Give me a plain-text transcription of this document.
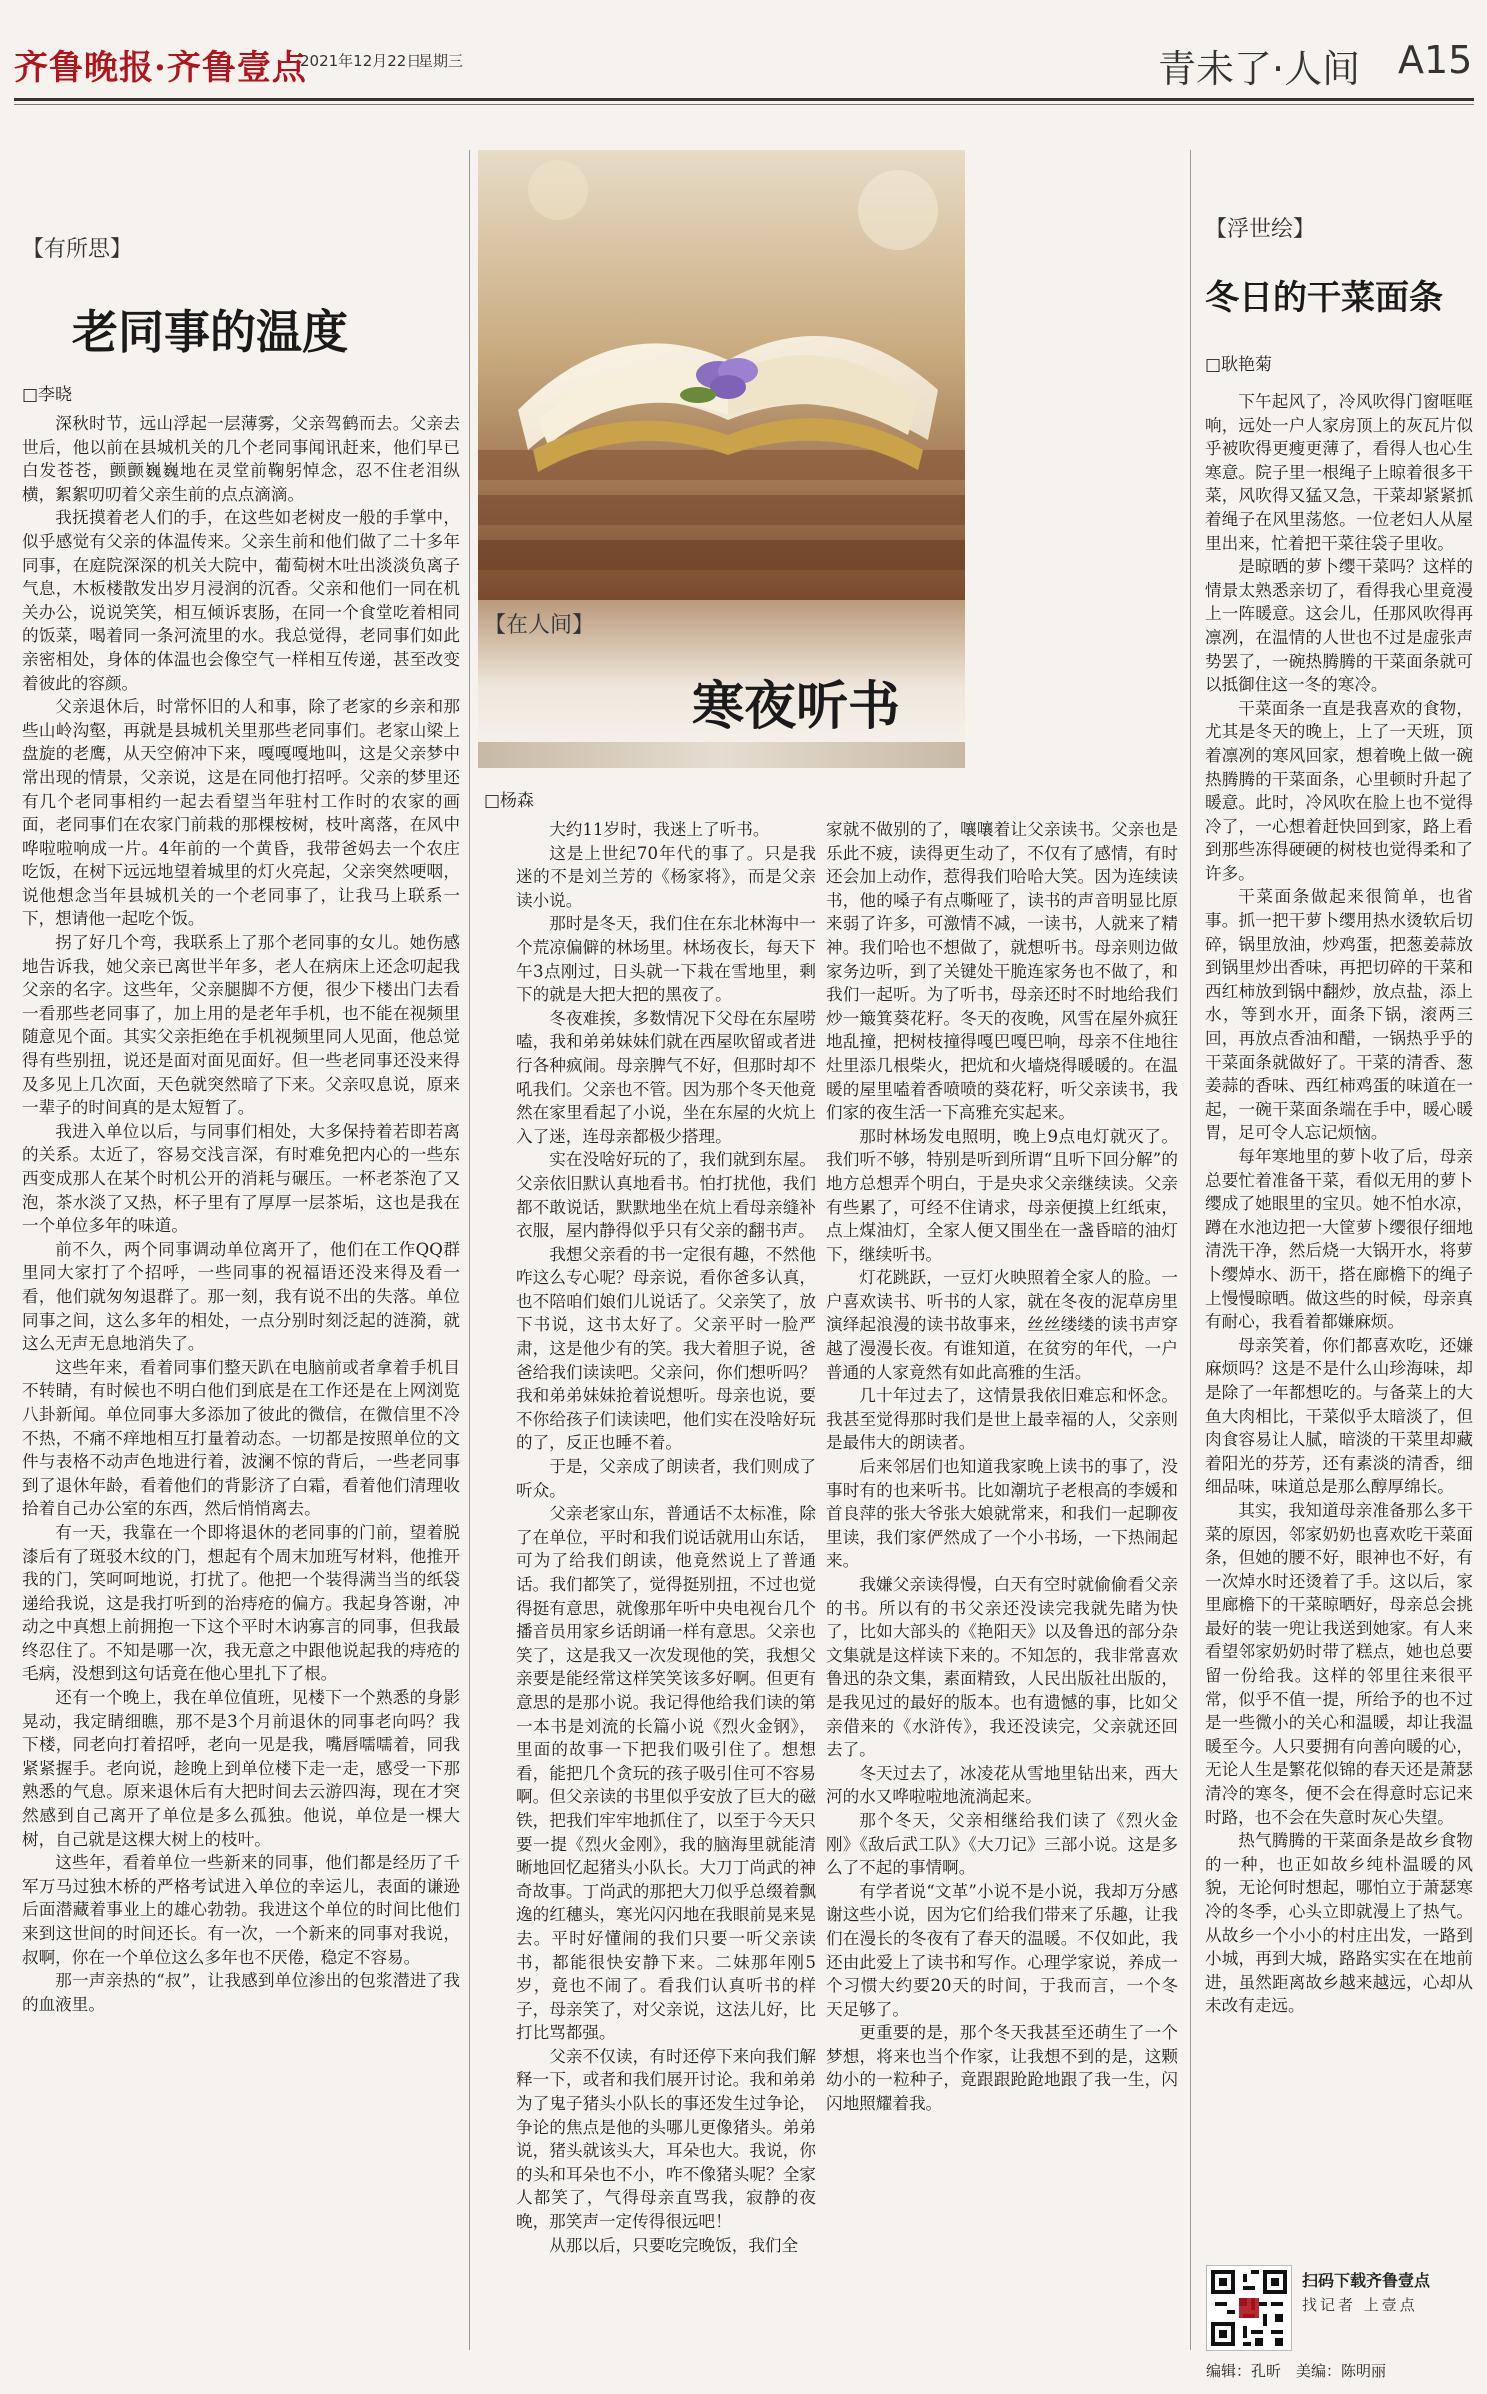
齐鲁晚报·齐鲁壹点
2021年12月22日
星期三	青未了·人间 A15
【有所思】
老同事的温度
□李晓

深秋时节，远山浮起一层薄雾，父亲驾鹤而去。父亲去世后，他以前在县城机关的几个老同事闻讯赶来，他们早已白发苍苍，颤颤巍巍地在灵堂前鞠躬悼念，忍不住老泪纵横，絮絮叨叨着父亲生前的点点滴滴。

我抚摸着老人们的手，在这些如老树皮一般的手掌中，似乎感觉有父亲的体温传来。父亲生前和他们做了二十多年同事，在庭院深深的机关大院中，葡萄树木吐出淡淡负离子气息，木板楼散发出岁月浸润的沉香。父亲和他们一同在机关办公，说说笑笑，相互倾诉衷肠，在同一个食堂吃着相同的饭菜，喝着同一条河流里的水。我总觉得，老同事们如此亲密相处，身体的体温也会像空气一样相互传递，甚至改变着彼此的容颜。

父亲退休后，时常怀旧的人和事，除了老家的乡亲和那些山岭沟壑，再就是县城机关里那些老同事们。老家山梁上盘旋的老鹰，从天空俯冲下来，嘎嘎嘎地叫，这是父亲梦中常出现的情景，父亲说，这是在同他打招呼。父亲的梦里还有几个老同事相约一起去看望当年驻村工作时的农家的画面，老同事们在农家门前栽的那棵桉树，枝叶离落，在风中哗啦啦响成一片。4年前的一个黄昏，我带爸妈去一个农庄吃饭，在树下远远地望着城里的灯火亮起，父亲突然哽咽，说他想念当年县城机关的一个老同事了，让我马上联系一下，想请他一起吃个饭。

拐了好几个弯，我联系上了那个老同事的女儿。她伤感地告诉我，她父亲已离世半年多，老人在病床上还念叨起我父亲的名字。这些年，父亲腿脚不方便，很少下楼出门去看一看那些老同事了，加上用的是老年手机，也不能在视频里随意见个面。其实父亲拒绝在手机视频里同人见面，他总觉得有些别扭，说还是面对面见面好。但一些老同事还没来得及多见上几次面，天色就突然暗了下来。父亲叹息说，原来一辈子的时间真的是太短暂了。

我进入单位以后，与同事们相处，大多保持着若即若离的关系。太近了，容易交浅言深，有时难免把内心的一些东西变成那人在某个时机公开的消耗与碾压。一杯老茶泡了又泡，茶水淡了又热，杯子里有了厚厚一层茶垢，这也是我在一个单位多年的味道。

前不久，两个同事调动单位离开了，他们在工作QQ群里同大家打了个招呼，一些同事的祝福语还没来得及看一看，他们就匆匆退群了。那一刻，我有说不出的失落。单位同事之间，这么多年的相处，一点分别时刻泛起的涟漪，就这么无声无息地消失了。

这些年来，看着同事们整天趴在电脑前或者拿着手机目不转睛，有时候也不明白他们到底是在工作还是在上网浏览八卦新闻。单位同事大多添加了彼此的微信，在微信里不冷不热，不痛不痒地相互打量着动态。一切都是按照单位的文件与表格不动声色地进行着，波澜不惊的背后，一些老同事到了退休年龄，看着他们的背影济了白霜，看着他们清理收拾着自己办公室的东西，然后悄悄离去。

有一天，我靠在一个即将退休的老同事的门前，望着脱漆后有了斑驳木纹的门，想起有个周末加班写材料，他推开我的门，笑呵呵地说，打扰了。他把一个装得满当当的纸袋递给我说，这是我打听到的治痔疮的偏方。我起身答谢，冲动之中真想上前拥抱一下这个平时木讷寡言的同事，但我最终忍住了。不知是哪一次，我无意之中跟他说起我的痔疮的毛病，没想到这句话竟在他心里扎下了根。

还有一个晚上，我在单位值班，见楼下一个熟悉的身影晃动，我定睛细瞧，那不是3个月前退休的同事老向吗？我下楼，同老向打着招呼，老向一见是我，嘴唇嚅嚅着，同我紧紧握手。老向说，趁晚上到单位楼下走一走，感受一下那熟悉的气息。原来退休后有大把时间去云游四海，现在才突然感到自己离开了单位是多么孤独。他说，单位是一棵大树，自己就是这棵大树上的枝叶。

这些年，看着单位一些新来的同事，他们都是经历了千军万马过独木桥的严格考试进入单位的幸运儿，表面的谦逊后面潜藏着事业上的雄心勃勃。我进这个单位的时间比他们来到这世间的时间还长。有一次，一个新来的同事对我说，叔啊，你在一个单位这么多年也不厌倦，稳定不容易。

那一声亲热的“叔”，让我感到单位渗出的包浆潜进了我的血液里。

【在人间】
寒夜听书
□杨森

大约11岁时，我迷上了听书。

这是上世纪70年代的事了。只是我迷的不是刘兰芳的《杨家将》，而是父亲读小说。

那时是冬天，我们住在东北林海中一个荒凉偏僻的林场里。林场夜长，每天下午3点刚过，日头就一下栽在雪地里，剩下的就是大把大把的黑夜了。

冬夜难挨，多数情况下父母在东屋唠嗑，我和弟弟妹妹们就在西屋吹留或者进行各种疯闹。母亲脾气不好，但那时却不吼我们。父亲也不管。因为那个冬天他竟然在家里看起了小说，坐在东屋的火炕上入了迷，连母亲都极少搭理。

实在没啥好玩的了，我们就到东屋。父亲依旧默认真地看书。怕打扰他，我们都不敢说话，默默地坐在炕上看母亲缝补衣服，屋内静得似乎只有父亲的翻书声。

我想父亲看的书一定很有趣，不然他咋这么专心呢？母亲说，看你爸多认真，也不陪咱们娘们儿说话了。父亲笑了，放下书说，这书太好了。父亲平时一脸严肃，这是他少有的笑。我大着胆子说，爸爸给我们读读吧。父亲问，你们想听吗？我和弟弟妹妹抢着说想听。母亲也说，要不你给孩子们读读吧，他们实在没啥好玩的了，反正也睡不着。

于是，父亲成了朗读者，我们则成了听众。

父亲老家山东，普通话不太标准，除了在单位，平时和我们说话就用山东话，可为了给我们朗读，他竟然说上了普通话。我们都笑了，觉得挺别扭，不过也觉得挺有意思，就像那年听中央电视台几个播音员用家乡话朗诵一样有意思。父亲也笑了，这是我又一次发现他的笑，我想父亲要是能经常这样笑笑该多好啊。但更有意思的是那小说。我记得他给我们读的第一本书是刘流的长篇小说《烈火金钢》，里面的故事一下把我们吸引住了。想想看，能把几个贪玩的孩子吸引住可不容易啊。但父亲读的书里似乎安放了巨大的磁铁，把我们牢牢地抓住了，以至于今天只要一提《烈火金刚》，我的脑海里就能清晰地回忆起猪头小队长。大刀丁尚武的神奇故事。丁尚武的那把大刀似乎总缀着飘逸的红穗头，寒光闪闪地在我眼前晃来晃去。平时好懂闹的我们只要一听父亲读书，都能很快安静下来。二妹那年刚5岁，竟也不闹了。看我们认真听书的样子，母亲笑了，对父亲说，这法儿好，比打比骂都强。

父亲不仅读，有时还停下来向我们解释一下，或者和我们展开讨论。我和弟弟为了鬼子猪头小队长的事还发生过争论，争论的焦点是他的头哪儿更像猪头。弟弟说，猪头就该头大，耳朵也大。我说，你的头和耳朵也不小，咋不像猪头呢？全家人都笑了，气得母亲直骂我，寂静的夜晚，那笑声一定传得很远吧！

从那以后，只要吃完晚饭，我们全

家就不做别的了，嚷嚷着让父亲读书。父亲也是乐此不疲，读得更生动了，不仅有了感情，有时还会加上动作，惹得我们哈哈大笑。因为连续读书，他的嗓子有点嘶哑了，读书的声音明显比原来弱了许多，可激情不减，一读书，人就来了精神。我们哈也不想做了，就想听书。母亲则边做家务边听，到了关键处干脆连家务也不做了，和我们一起听。为了听书，母亲还时不时地给我们炒一簸箕葵花籽。冬天的夜晚，风雪在屋外疯狂地乱撞，把树枝撞得嘎巴嘎巴响，母亲不住地往灶里添几根柴火，把炕和火墙烧得暖暖的。在温暖的屋里嗑着香喷喷的葵花籽，听父亲读书，我们家的夜生活一下高雅充实起来。

那时林场发电照明，晚上9点电灯就灭了。我们听不够，特别是听到所谓“且听下回分解”的地方总想弄个明白，于是央求父亲继续读。父亲有些累了，可经不住请求，母亲便摸上红纸束，点上煤油灯，全家人便又围坐在一盏昏暗的油灯下，继续听书。

灯花跳跃，一豆灯火映照着全家人的脸。一户喜欢读书、听书的人家，就在冬夜的泥草房里演绎起浪漫的读书故事来，丝丝缕缕的读书声穿越了漫漫长夜。有谁知道，在贫穷的年代，一户普通的人家竟然有如此高雅的生活。

几十年过去了，这情景我依旧难忘和怀念。我甚至觉得那时我们是世上最幸福的人，父亲则是最伟大的朗读者。

后来邻居们也知道我家晚上读书的事了，没事时有的也来听书。比如潮坑子老根高的李媛和首良萍的张大爷张大娘就常来，和我们一起聊夜里读，我们家俨然成了一个小书场，一下热闹起来。

我嫌父亲读得慢，白天有空时就偷偷看父亲的书。所以有的书父亲还没读完我就先睹为快了，比如大部头的《艳阳天》以及鲁迅的部分杂文集就是这样读下来的。不知怎的，我非常喜欢鲁迅的杂文集，素面精致，人民出版社出版的，是我见过的最好的版本。也有遗憾的事，比如父亲借来的《水浒传》，我还没读完，父亲就还回去了。

冬天过去了，冰凌花从雪地里钻出来，西大河的水又哗啦啦地流淌起来。

那个冬天，父亲相继给我们读了《烈火金刚》《敌后武工队》《大刀记》三部小说。这是多么了不起的事情啊。

有学者说“文革”小说不是小说，我却万分感谢这些小说，因为它们给我们带来了乐趣，让我们在漫长的冬夜有了春天的温暖。不仅如此，我还由此爱上了读书和写作。心理学家说，养成一个习惯大约要20天的时间，于我而言，一个冬天足够了。

更重要的是，那个冬天我甚至还萌生了一个梦想，将来也当个作家，让我想不到的是，这颗幼小的一粒种子，竟跟跟跄跄地跟了我一生，闪闪地照耀着我。

【浮世绘】
冬日的干菜面条
□耿艳菊

下午起风了，冷风吹得门窗哐哐响，远处一户人家房顶上的灰瓦片似乎被吹得更瘦更薄了，看得人也心生寒意。院子里一根绳子上晾着很多干菜，风吹得又猛又急，干菜却紧紧抓着绳子在风里荡悠。一位老妇人从屋里出来，忙着把干菜往袋子里收。

是晾晒的萝卜缨干菜吗？这样的情景太熟悉亲切了，看得我心里竟漫上一阵暖意。这会儿，任那风吹得再凛冽，在温情的人世也不过是虚张声势罢了，一碗热腾腾的干菜面条就可以抵御住这一冬的寒冷。

干菜面条一直是我喜欢的食物，尤其是冬天的晚上，上了一天班，顶着凛冽的寒风回家，想着晚上做一碗热腾腾的干菜面条，心里顿时升起了暖意。此时，冷风吹在脸上也不觉得冷了，一心想着赶快回到家，路上看到那些冻得硬硬的树枝也觉得柔和了许多。

干菜面条做起来很简单，也省事。抓一把干萝卜缨用热水烫软后切碎，锅里放油，炒鸡蛋，把葱姜蒜放到锅里炒出香味，再把切碎的干菜和西红柿放到锅中翻炒，放点盐，添上水，等到水开，面条下锅，滚两三回，再放点香油和醋，一锅热乎乎的干菜面条就做好了。干菜的清香、葱姜蒜的香味、西红柿鸡蛋的味道在一起，一碗干菜面条端在手中，暖心暖胃，足可令人忘记烦恼。

每年寒地里的萝卜收了后，母亲总要忙着准备干菜，看似无用的萝卜缨成了她眼里的宝贝。她不怕水凉，蹲在水池边把一大筐萝卜缨很仔细地清洗干净，然后烧一大锅开水，将萝卜缨焯水、沥干，搭在廊檐下的绳子上慢慢晾晒。做这些的时候，母亲真有耐心，我看着都嫌麻烦。

母亲笑着，你们都喜欢吃，还嫌麻烦吗？这是不是什么山珍海味，却是除了一年都想吃的。与备菜上的大鱼大肉相比，干菜似乎太暗淡了，但肉食容易让人腻，暗淡的干菜里却藏着阳光的芬芳，还有素淡的清香，细细品味，味道总是那么醇厚绵长。

其实，我知道母亲准备那么多干菜的原因，邻家奶奶也喜欢吃干菜面条，但她的腰不好，眼神也不好，有一次焯水时还烫着了手。这以后，家里廊檐下的干菜晾晒好，母亲总会挑最好的装一兜让我送到她家。有人来看望邻家奶奶时带了糕点，她也总要留一份给我。这样的邻里往来很平常，似乎不值一提，所给予的也不过是一些微小的关心和温暖，却让我温暖至今。人只要拥有向善向暖的心，无论人生是繁花似锦的春天还是萧瑟清冷的寒冬，便不会在得意时忘记来时路，也不会在失意时灰心失望。

热气腾腾的干菜面条是故乡食物的一种，也正如故乡纯朴温暖的风貌，无论何时想起，哪怕立于萧瑟寒冷的冬季，心头立即就漫上了热气。从故乡一个小小的村庄出发，一路到小城，再到大城，路路实实在在地前进，虽然距离故乡越来越远，心却从未改有走远。

扫码下载齐鲁壹点
找记者 上壹点
编辑：孔昕　美编：陈明丽
